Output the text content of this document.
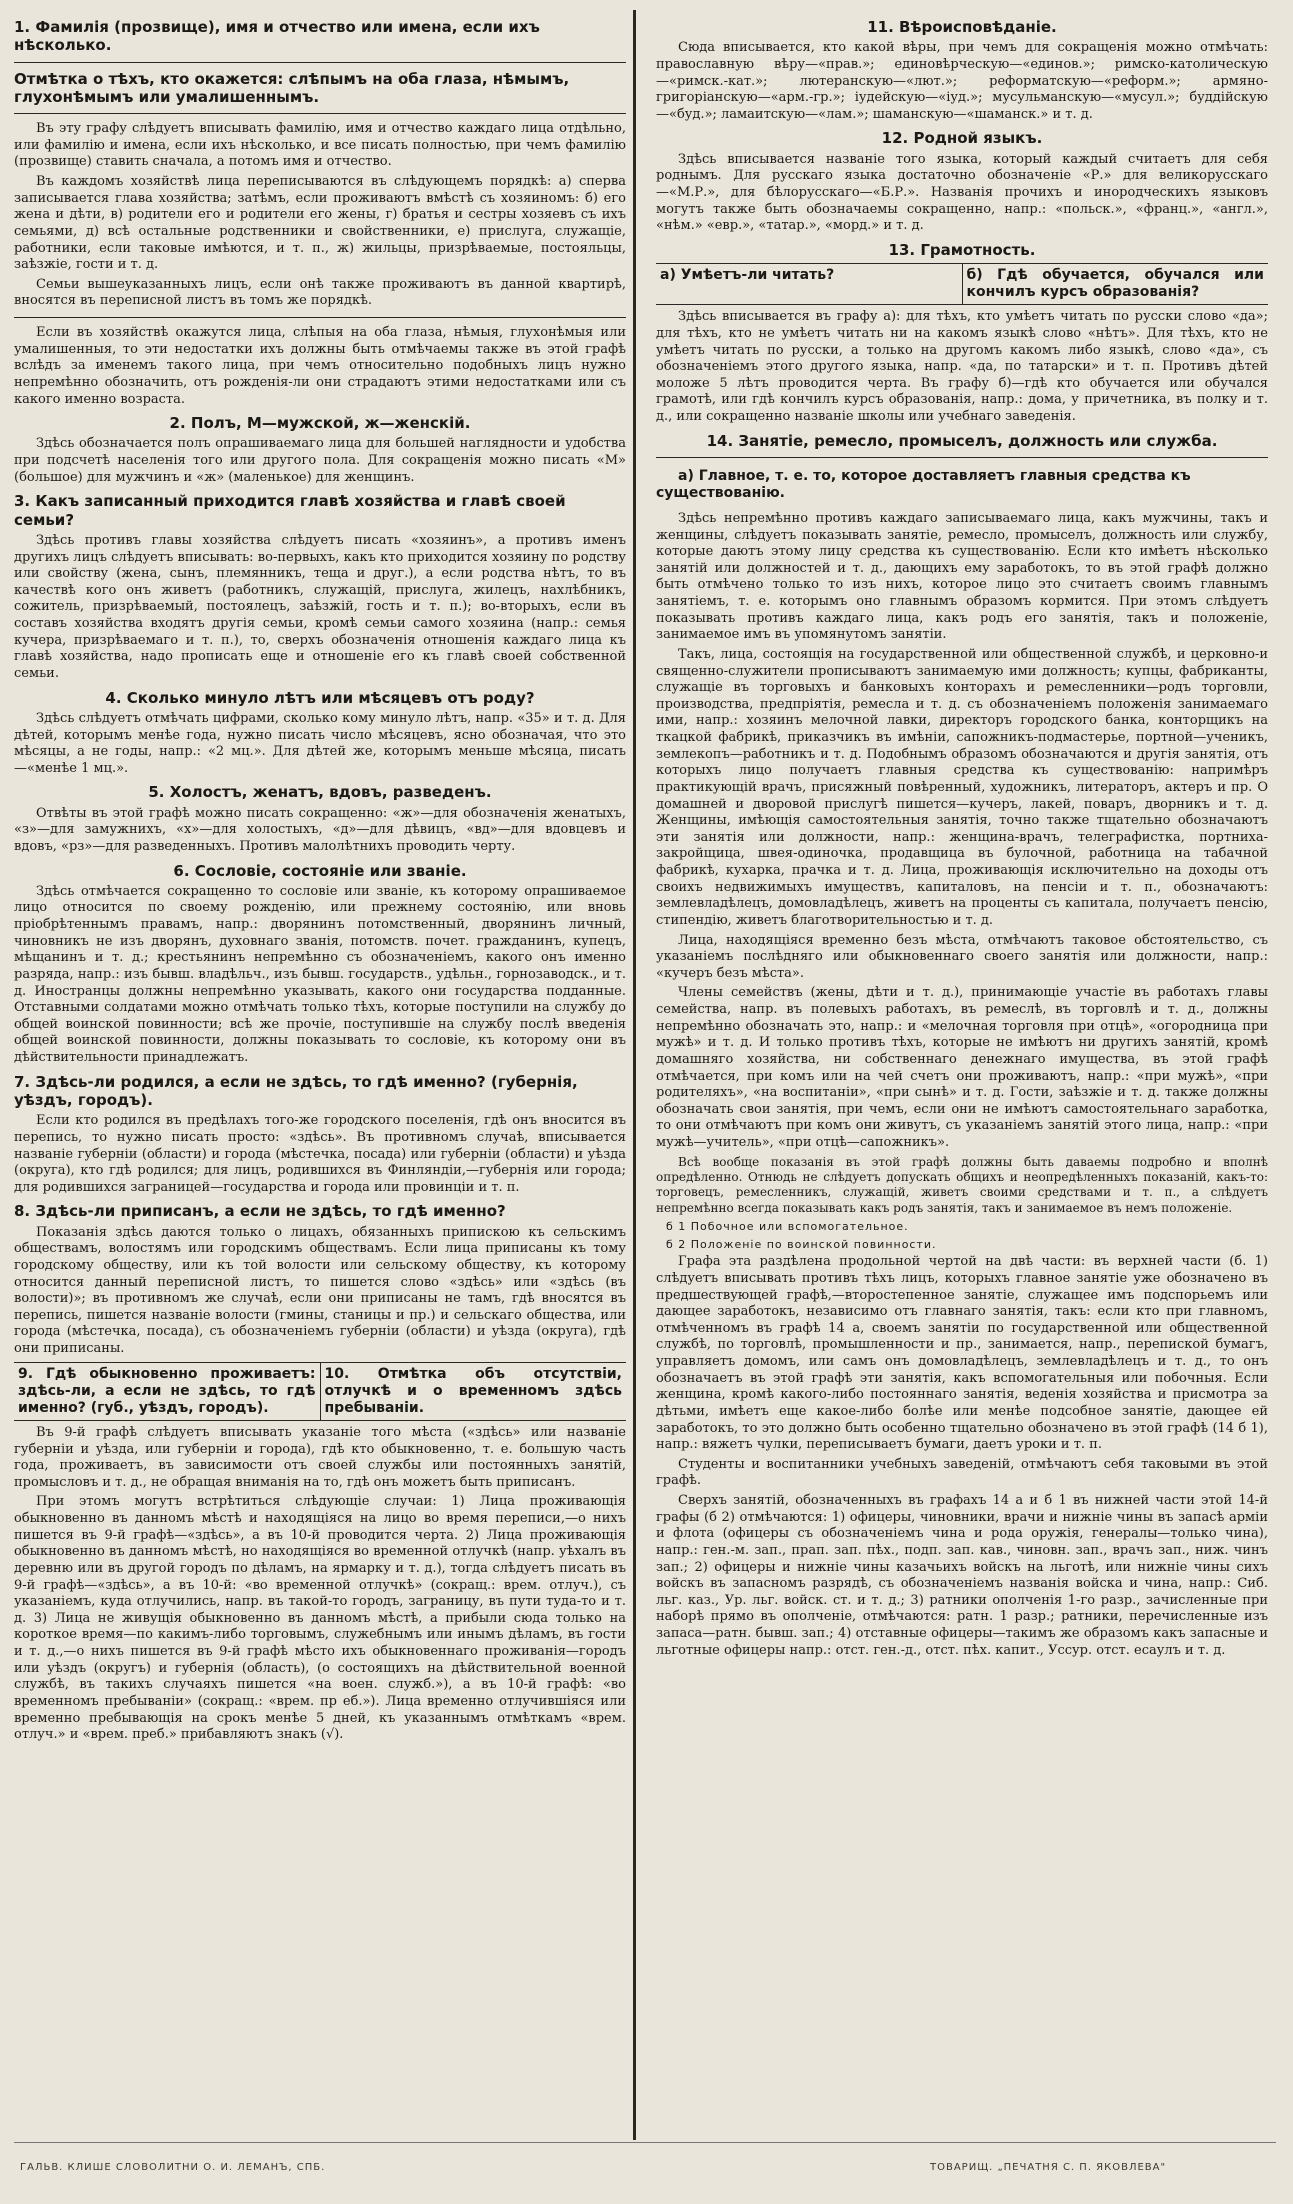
1. Фамилія (прозвище), имя и отчество или имена, если ихъ нѣсколько.
Отмѣтка о тѣхъ, кто окажется: слѣпымъ на оба глаза, нѣмымъ, глухонѣмымъ или умалишеннымъ.

Въ эту графу слѣдуетъ вписывать фамилію, имя и отчество каждаго лица отдѣльно, или фамилію и имена, если ихъ нѣсколько, и все писать полностью, при чемъ фамилію (прозвище) ставить сначала, а потомъ имя и отчество.

Въ каждомъ хозяйствѣ лица переписываются въ слѣдующемъ порядкѣ: а) сперва записывается глава хозяйства; затѣмъ, если проживаютъ вмѣстѣ съ хозяиномъ: б) его жена и дѣти, в) родители его и родители его жены, г) братья и сестры хозяевъ съ ихъ семьями, д) всѣ остальные родственники и свойственники, е) прислуга, служащіе, работники, если таковые имѣются, и т. п., ж) жильцы, призрѣваемые, постояльцы, заѣзжіе, гости и т. д.

Семьи вышеуказанныхъ лицъ, если онѣ также проживаютъ въ данной квартирѣ, вносятся въ переписной листъ въ томъ же порядкѣ.

Если въ хозяйствѣ окажутся лица, слѣпыя на оба глаза, нѣмыя, глухонѣмыя или умалишенныя, то эти недостатки ихъ должны быть отмѣчаемы также въ этой графѣ вслѣдъ за именемъ такого лица, при чемъ относительно подобныхъ лицъ нужно непремѣнно обозначить, отъ рожденія-ли они страдаютъ этими недостатками или съ какого именно возраста.

2. Полъ, М—мужской, ж—женскій.

Здѣсь обозначается полъ опрашиваемаго лица для большей наглядности и удобства при подсчетѣ населенія того или другого пола. Для сокращенія можно писать «М» (большое) для мужчинъ и «ж» (маленькое) для женщинъ.

3. Какъ записанный приходится главѣ хозяйства и главѣ своей семьи?

Здѣсь противъ главы хозяйства слѣдуетъ писать «хозяинъ», а противъ именъ другихъ лицъ слѣдуетъ вписывать: во-первыхъ, какъ кто приходится хозяину по родству или свойству (жена, сынъ, племянникъ, теща и друг.), а если родства нѣтъ, то въ качествѣ кого онъ живетъ (работникъ, служащій, прислуга, жилецъ, нахлѣбникъ, сожитель, призрѣваемый, постоялецъ, заѣзжій, гость и т. п.); во-вторыхъ, если въ составъ хозяйства входятъ другія семьи, кромѣ семьи самого хозяина (напр.: семья кучера, призрѣваемаго и т. п.), то, сверхъ обозначенія отношенія каждаго лица къ главѣ хозяйства, надо прописать еще и отношеніе его къ главѣ своей собственной семьи.

4. Сколько минуло лѣтъ или мѣсяцевъ отъ роду?

Здѣсь слѣдуетъ отмѣчать цифрами, сколько кому минуло лѣтъ, напр. «35» и т. д. Для дѣтей, которымъ менѣе года, нужно писать число мѣсяцевъ, ясно обозначая, что это мѣсяцы, а не годы, напр.: «2 мц.». Для дѣтей же, которымъ меньше мѣсяца, писать—«менѣе 1 мц.».

5. Холостъ, женатъ, вдовъ, разведенъ.

Отвѣты въ этой графѣ можно писать сокращенно: «ж»—для обозначенія женатыхъ, «з»—для замужнихъ, «х»—для холостыхъ, «д»—для дѣвицъ, «вд»—для вдовцевъ и вдовъ, «рз»—для разведенныхъ. Противъ малолѣтнихъ проводить черту.

6. Сословіе, состояніе или званіе.

Здѣсь отмѣчается сокращенно то сословіе или званіе, къ которому опрашиваемое лицо относится по своему рожденію, или прежнему состоянію, или вновь пріобрѣтеннымъ правамъ, напр.: дворянинъ потомственный, дворянинъ личный, чиновникъ не изъ дворянъ, духовнаго званія, потомств. почет. гражданинъ, купецъ, мѣщанинъ и т. д.; крестьянинъ непремѣнно съ обозначеніемъ, какого онъ именно разряда, напр.: изъ бывш. владѣльч., изъ бывш. государств., удѣльн., горнозаводск., и т. д. Иностранцы должны непремѣнно указывать, какого они государства подданные. Отставными солдатами можно отмѣчать только тѣхъ, которые поступили на службу до общей воинской повинности; всѣ же прочіе, поступившіе на службу послѣ введенія общей воинской повинности, должны показывать то сословіе, къ которому они въ дѣйствительности принадлежатъ.

7. Здѣсь-ли родился, а если не здѣсь, то гдѣ именно? (губернія, уѣздъ, городъ).

Если кто родился въ предѣлахъ того-же городского поселенія, гдѣ онъ вносится въ перепись, то нужно писать просто: «здѣсь». Въ противномъ случаѣ, вписывается названіе губерніи (области) и города (мѣстечка, посада) или губерніи (области) и уѣзда (округа), кто гдѣ родился; для лицъ, родившихся въ Финляндіи,—губернія или города; для родившихся заграницей—государства и города или провинціи и т. п.

8. Здѣсь-ли приписанъ, а если не здѣсь, то гдѣ именно?

Показанія здѣсь даются только о лицахъ, обязанныхъ припискою къ сельскимъ обществамъ, волостямъ или городскимъ обществамъ. Если лица приписаны къ тому городскому обществу, или къ той волости или сельскому обществу, къ которому относится данный переписной листъ, то пишется слово «здѣсь» или «здѣсь (въ волости)»; въ противномъ же случаѣ, если они приписаны не тамъ, гдѣ вносятся въ перепись, пишется названіе волости (гмины, станицы и пр.) и сельскаго общества, или города (мѣстечка, посада), съ обозначеніемъ губерніи (области) и уѣзда (округа), гдѣ они приписаны.

9. Гдѣ обыкновенно проживаетъ: здѣсь-ли, а если не здѣсь, то гдѣ именно? (губ., уѣздъ, городъ).
10. Отмѣтка объ отсутствіи, отлучкѣ и о временномъ здѣсь пребываніи.

Въ 9-й графѣ слѣдуетъ вписывать указаніе того мѣста («здѣсь» или названіе губерніи и уѣзда, или губерніи и города), гдѣ кто обыкновенно, т. е. большую часть года, проживаетъ, въ зависимости отъ своей службы или постоянныхъ занятій, промысловъ и т. д., не обращая вниманія на то, гдѣ онъ можетъ быть приписанъ.

При этомъ могутъ встрѣтиться слѣдующіе случаи: 1) Лица проживающія обыкновенно въ данномъ мѣстѣ и находящіяся на лицо во время переписи,—о нихъ пишется въ 9-й графѣ—«здѣсь», а въ 10-й проводится черта. 2) Лица проживающія обыкновенно въ данномъ мѣстѣ, но находящіяся во временной отлучкѣ (напр. уѣхалъ въ деревню или въ другой городъ по дѣламъ, на ярмарку и т. д.), тогда слѣдуетъ писать въ 9-й графѣ—«здѣсь», а въ 10-й: «во временной отлучкѣ» (сокращ.: врем. отлуч.), съ указаніемъ, куда отлучились, напр. въ такой-то городъ, заграницу, въ пути туда-то и т. д. 3) Лица не живущія обыкновенно въ данномъ мѣстѣ, а прибыли сюда только на короткое время—по какимъ-либо торговымъ, служебнымъ или инымъ дѣламъ, въ гости и т. д.,—о нихъ пишется въ 9-й графѣ мѣсто ихъ обыкновеннаго проживанія—городъ или уѣздъ (округъ) и губернія (область), (о состоящихъ на дѣйствительной военной службѣ, въ такихъ случаяхъ пишется «на воен. служб.»), а въ 10-й графѣ: «во временномъ пребываніи» (сокращ.: «врем. пр еб.»). Лица временно отлучившіяся или временно пребывающія на срокъ менѣе 5 дней, къ указаннымъ отмѣткамъ «врем. отлуч.» и «врем. преб.» прибавляютъ знакъ (√).

11. Вѣроисповѣданіе.

Сюда вписывается, кто какой вѣры, при чемъ для сокращенія можно отмѣчать: православную вѣру—«прав.»; единовѣрческую—«единов.»; римско-католическую—«римск.-кат.»; лютеранскую—«лют.»; реформатскую—«реформ.»; армяно-григоріанскую—«арм.-гр.»; іудейскую—«іуд.»; мусульманскую—«мусул.»; буддійскую—«буд.»; ламаитскую—«лам.»; шаманскую—«шаманск.» и т. д.

12. Родной языкъ.

Здѣсь вписывается названіе того языка, который каждый считаетъ для себя роднымъ. Для русскаго языка достаточно обозначеніе «Р.» для великорусскаго—«М.Р.», для бѣлорусскаго—«Б.Р.». Названія прочихъ и инородческихъ языковъ могутъ также быть обозначаемы сокращенно, напр.: «польск.», «франц.», «англ.», «нѣм.» «евр.», «татар.», «морд.» и т. д.

13. Грамотность.
а) Умѣетъ-ли читать?	б) Гдѣ обучается, обучался или кончилъ курсъ образованія?

Здѣсь вписывается въ графу а): для тѣхъ, кто умѣетъ читать по русски слово «да»; для тѣхъ, кто не умѣетъ читать ни на какомъ языкѣ слово «нѣтъ». Для тѣхъ, кто не умѣетъ читать по русски, а только на другомъ какомъ либо языкѣ, слово «да», съ обозначеніемъ этого другого языка, напр. «да, по татарски» и т. п. Противъ дѣтей моложе 5 лѣтъ проводится черта. Въ графу б)—гдѣ кто обучается или обучался грамотѣ, или гдѣ кончилъ курсъ образованія, напр.: дома, у причетника, въ полку и т. д., или сокращенно названіе школы или учебнаго заведенія.

14. Занятіе, ремесло, промыселъ, должность или служба.

а) Главное, т. е. то, которое доставляетъ главныя средства къ существованію.

Здѣсь непремѣнно противъ каждаго записываемаго лица, какъ мужчины, такъ и женщины, слѣдуетъ показывать занятіе, ремесло, промыселъ, должность или службу, которые даютъ этому лицу средства къ существованію. Если кто имѣетъ нѣсколько занятій или должностей и т. д., дающихъ ему заработокъ, то въ этой графѣ должно быть отмѣчено только то изъ нихъ, которое лицо это считаетъ своимъ главнымъ занятіемъ, т. е. которымъ оно главнымъ образомъ кормится. При этомъ слѣдуетъ показывать противъ каждаго лица, какъ родъ его занятія, такъ и положеніе, занимаемое имъ въ упомянутомъ занятіи.

Такъ, лица, состоящія на государственной или общественной службѣ, и церковно-и священно-служители прописываютъ занимаемую ими должность; купцы, фабриканты, служащіе въ торговыхъ и банковыхъ конторахъ и ремесленники—родъ торговли, производства, предпріятія, ремесла и т. д. съ обозначеніемъ положенія занимаемаго ими, напр.: хозяинъ мелочной лавки, директоръ городского банка, конторщикъ на ткацкой фабрикѣ, приказчикъ въ имѣніи, сапожникъ-подмастерье, портной—ученикъ, землекопъ—работникъ и т. д. Подобнымъ образомъ обозначаются и другія занятія, отъ которыхъ лицо получаетъ главныя средства къ существованію: напримѣръ практикующій врачъ, присяжный повѣренный, художникъ, литераторъ, актеръ и пр. О домашней и дворовой прислугѣ пишется—кучеръ, лакей, поваръ, дворникъ и т. д. Женщины, имѣющія самостоятельныя занятія, точно также тщательно обозначаютъ эти занятія или должности, напр.: женщина-врачъ, телеграфистка, портниха-закройщица, швея-одиночка, продавщица въ булочной, работница на табачной фабрикѣ, кухарка, прачка и т. д. Лица, проживающія исключительно на доходы отъ своихъ недвижимыхъ имуществъ, капиталовъ, на пенсіи и т. п., обозначаютъ: землевладѣлецъ, домовладѣлецъ, живетъ на проценты съ капитала, получаетъ пенсію, стипендію, живетъ благотворительностью и т. д.

Лица, находящіяся временно безъ мѣста, отмѣчаютъ таковое обстоятельство, съ указаніемъ послѣдняго или обыкновеннаго своего занятія или должности, напр.: «кучеръ безъ мѣста».

Члены семействъ (жены, дѣти и т. д.), принимающіе участіе въ работахъ главы семейства, напр. въ полевыхъ работахъ, въ ремеслѣ, въ торговлѣ и т. д., должны непремѣнно обозначать это, напр.: и «мелочная торговля при отцѣ», «огородница при мужѣ» и т. д. И только противъ тѣхъ, которые не имѣютъ ни другихъ занятій, кромѣ домашняго хозяйства, ни собственнаго денежнаго имущества, въ этой графѣ отмѣчается, при комъ или на чей счетъ они проживаютъ, напр.: «при мужѣ», «при родителяхъ», «на воспитаніи», «при сынѣ» и т. д. Гости, заѣзжіе и т. д. также должны обозначать свои занятія, при чемъ, если они не имѣютъ самостоятельнаго заработка, то они отмѣчаютъ при комъ они живутъ, съ указаніемъ занятій этого лица, напр.: «при мужѣ—учитель», «при отцѣ—сапожникъ».

Всѣ вообще показанія въ этой графѣ должны быть даваемы подробно и вполнѣ опредѣленно. Отнюдь не слѣдуетъ допускать общихъ и неопредѣленныхъ показаній, какъ-то: торговецъ, ремесленникъ, служащій, живетъ своими средствами и т. п., а слѣдуетъ непремѣнно всегда показывать какъ родъ занятія, такъ и занимаемое въ немъ положеніе.

б 1 Побочное или вспомогательное.
б 2 Положеніе по воинской повинности.

Графа эта раздѣлена продольной чертой на двѣ части: въ верхней части (б. 1) слѣдуетъ вписывать противъ тѣхъ лицъ, которыхъ главное занятіе уже обозначено въ предшествующей графѣ,—второстепенное занятіе, служащее имъ подспорьемъ или дающее заработокъ, независимо отъ главнаго занятія, такъ: если кто при главномъ, отмѣченномъ въ графѣ 14 а, своемъ занятіи по государственной или общественной службѣ, по торговлѣ, промышленности и пр., занимается, напр., перепиской бумагъ, управляетъ домомъ, или самъ онъ домовладѣлецъ, землевладѣлецъ и т. д., то онъ обозначаетъ въ этой графѣ эти занятія, какъ вспомогательныя или побочныя. Если женщина, кромѣ какого-либо постояннаго занятія, веденія хозяйства и присмотра за дѣтьми, имѣетъ еще какое-либо болѣе или менѣе подсобное занятіе, дающее ей заработокъ, то это должно быть особенно тщательно обозначено въ этой графѣ (14 б 1), напр.: вяжетъ чулки, переписываетъ бумаги, даетъ уроки и т. п.

Студенты и воспитанники учебныхъ заведеній, отмѣчаютъ себя таковыми въ этой графѣ.

Сверхъ занятій, обозначенныхъ въ графахъ 14 а и б 1 въ нижней части этой 14-й графы (б 2) отмѣчаются: 1) офицеры, чиновники, врачи и нижніе чины въ запасѣ арміи и флота (офицеры съ обозначеніемъ чина и рода оружія, генералы—только чина), напр.: ген.-м. зап., прап. зап. пѣх., подп. зап. кав., чиновн. зап., врачъ зап., ниж. чинъ зап.; 2) офицеры и нижніе чины казачьихъ войскъ на льготѣ, или нижніе чины сихъ войскъ въ запасномъ разрядѣ, съ обозначеніемъ названія войска и чина, напр.: Сиб. льг. каз., Ур. льг. войск. ст. и т. д.; 3) ратники ополченія 1-го разр., зачисленные при наборѣ прямо въ ополченіе, отмѣчаются: ратн. 1 разр.; ратники, перечисленные изъ запаса—ратн. бывш. зап.; 4) отставные офицеры—такимъ же образомъ какъ запасные и льготные офицеры напр.: отст. ген.-д., отст. пѣх. капит., Уссур. отст. есаулъ и т. д.

ГАЛЬВ. КЛИШЕ СЛОВОЛИТНИ О. И. ЛЕМАНЪ, СПБ.	ТОВАРИЩ. „ПЕЧАТНЯ С. П. ЯКОВЛЕВА"
